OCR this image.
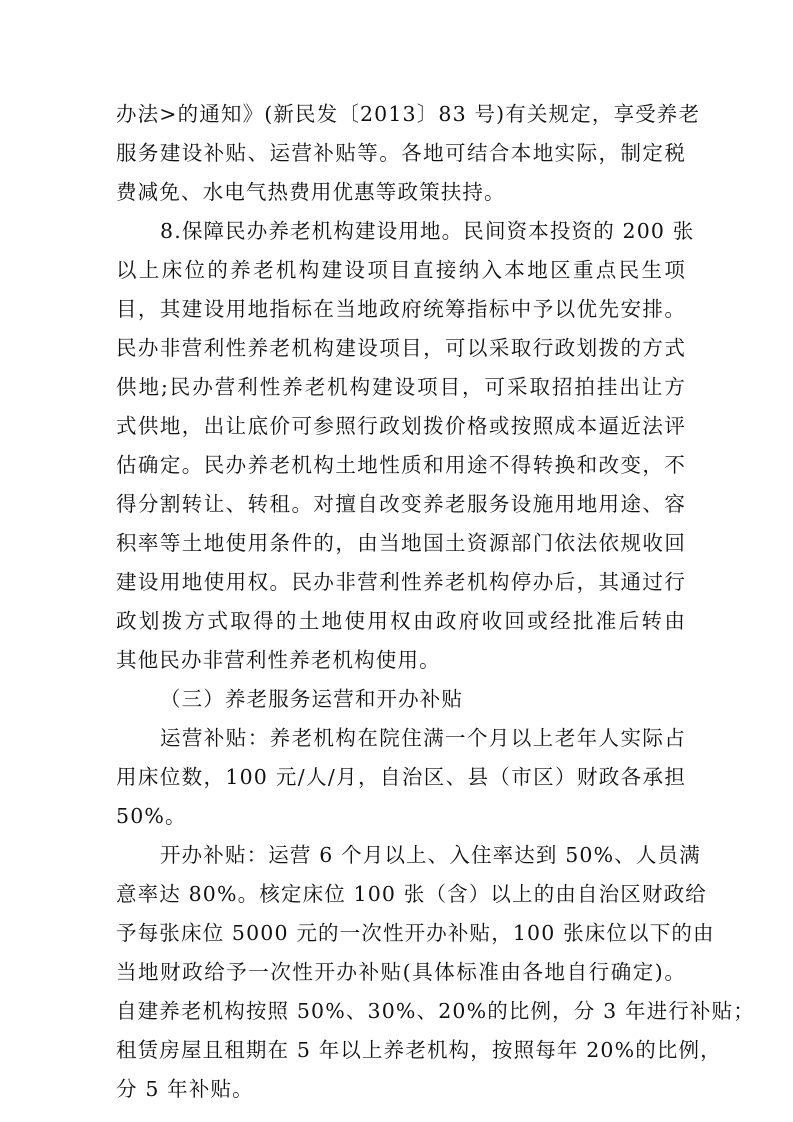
办法>的通知》(新民发〔2013〕83 号)有关规定，享受养老
服务建设补贴、运营补贴等。各地可结合本地实际，制定税
费减免、水电气热费用优惠等政策扶持。
8.保障民办养老机构建设用地。民间资本投资的 200 张
以上床位的养老机构建设项目直接纳入本地区重点民生项
目，其建设用地指标在当地政府统筹指标中予以优先安排。
民办非营利性养老机构建设项目，可以采取行政划拨的方式
供地;民办营利性养老机构建设项目，可采取招拍挂出让方
式供地，出让底价可参照行政划拨价格或按照成本逼近法评
估确定。民办养老机构土地性质和用途不得转换和改变，不
得分割转让、转租。对擅自改变养老服务设施用地用途、容
积率等土地使用条件的，由当地国土资源部门依法依规收回
建设用地使用权。民办非营利性养老机构停办后，其通过行
政划拨方式取得的土地使用权由政府收回或经批准后转由
其他民办非营利性养老机构使用。
（三）养老服务运营和开办补贴
运营补贴：养老机构在院住满一个月以上老年人实际占
用床位数，100 元/人/月，自治区、县（市区）财政各承担
50%。
开办补贴：运营 6 个月以上、入住率达到 50%、人员满
意率达 80%。核定床位 100 张（含）以上的由自治区财政给
予每张床位 5000 元的一次性开办补贴，100 张床位以下的由
当地财政给予一次性开办补贴(具体标准由各地自行确定)。
自建养老机构按照 50%、30%、20%的比例，分 3 年进行补贴；
租赁房屋且租期在 5 年以上养老机构，按照每年 20%的比例，
分 5 年补贴。
